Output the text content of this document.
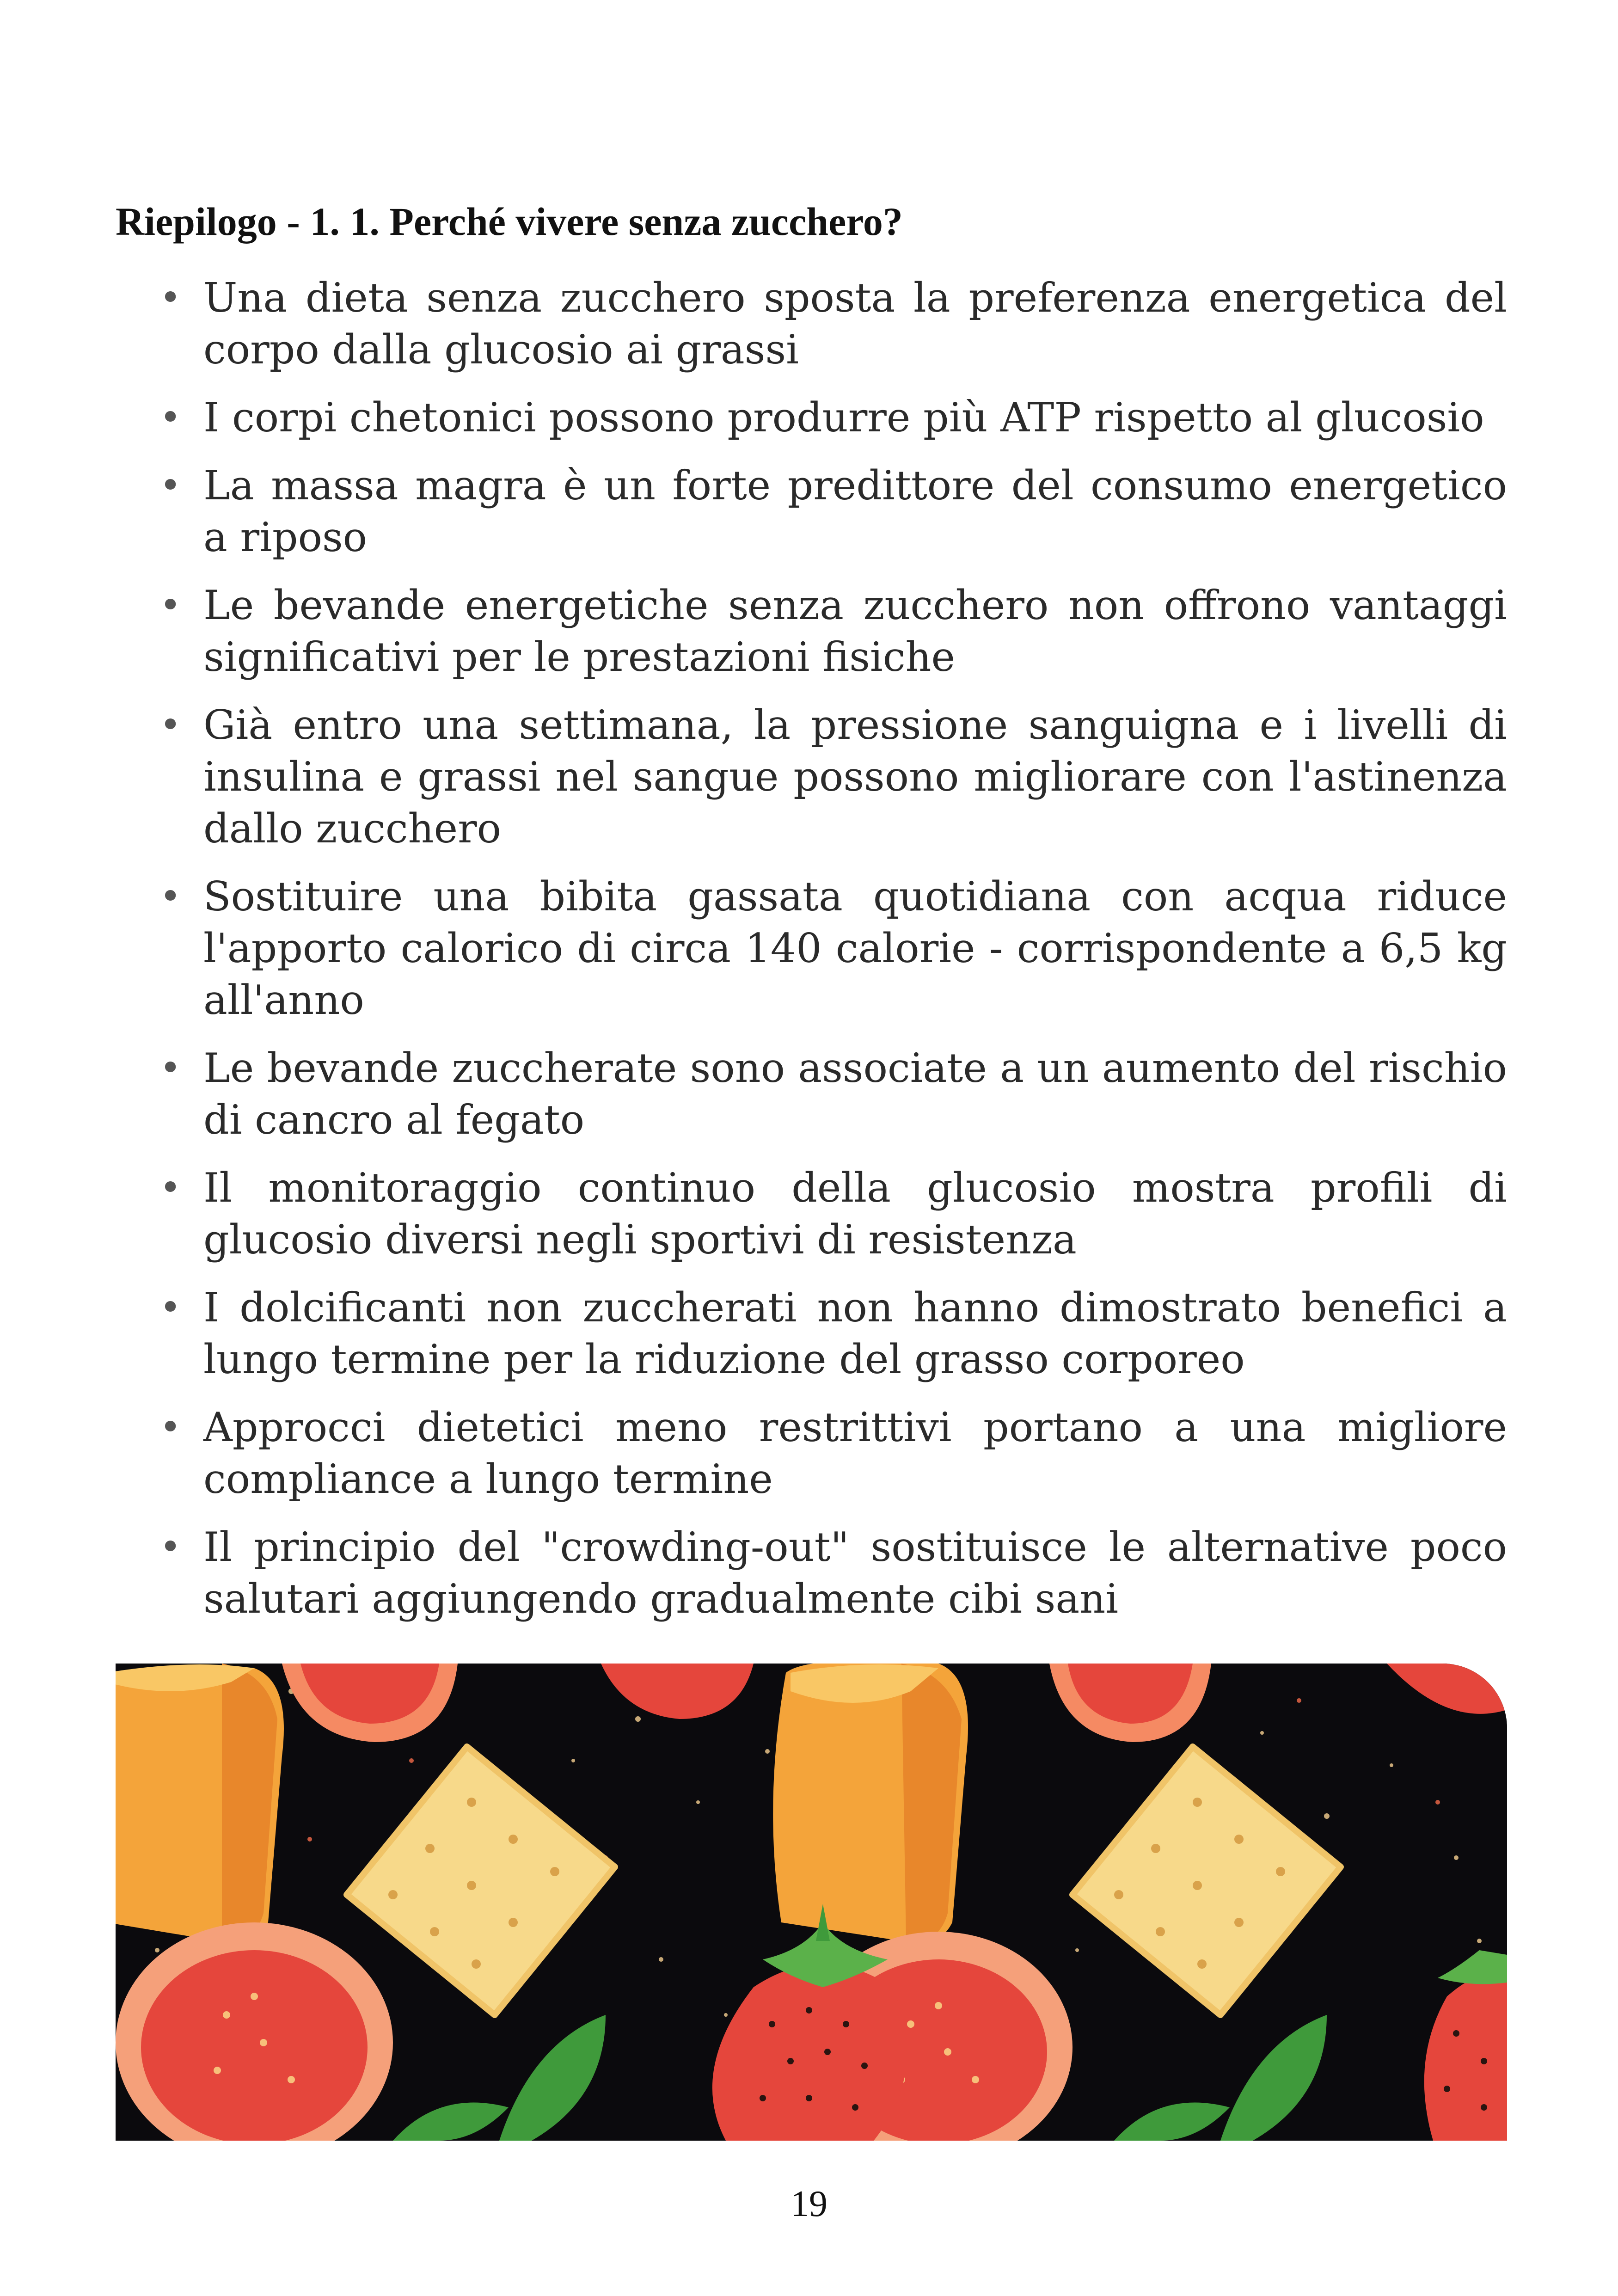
Riepilogo - 1. 1. Perché vivere senza zucchero?
• Una dieta senza zucchero sposta la preferenza energetica del corpo dalla glucosio ai grassi
• I corpi chetonici possono produrre più ATP rispetto al glucosio
• La massa magra è un forte predittore del consumo energetico a riposo
• Le bevande energetiche senza zucchero non offrono vantaggi significativi per le prestazioni fisiche
• Già entro una settimana, la pressione sanguigna e i livelli di insulina e grassi nel sangue possono migliorare con l'astinenza dallo zucchero
• Sostituire una bibita gassata quotidiana con acqua riduce l'apporto calorico di circa 140 calorie - corrispondente a 6,5 kg all'anno
• Le bevande zuccherate sono associate a un aumento del rischio di cancro al fegato
• Il monitoraggio continuo della glucosio mostra profili di glucosio diversi negli sportivi di resistenza
• I dolcificanti non zuccherati non hanno dimostrato benefici a lungo termine per la riduzione del grasso corporeo
• Approcci dietetici meno restrittivi portano a una migliore compliance a lungo termine
• Il principio del "crowding-out" sostituisce le alternative poco salutari aggiungendo gradualmente cibi sani
19
